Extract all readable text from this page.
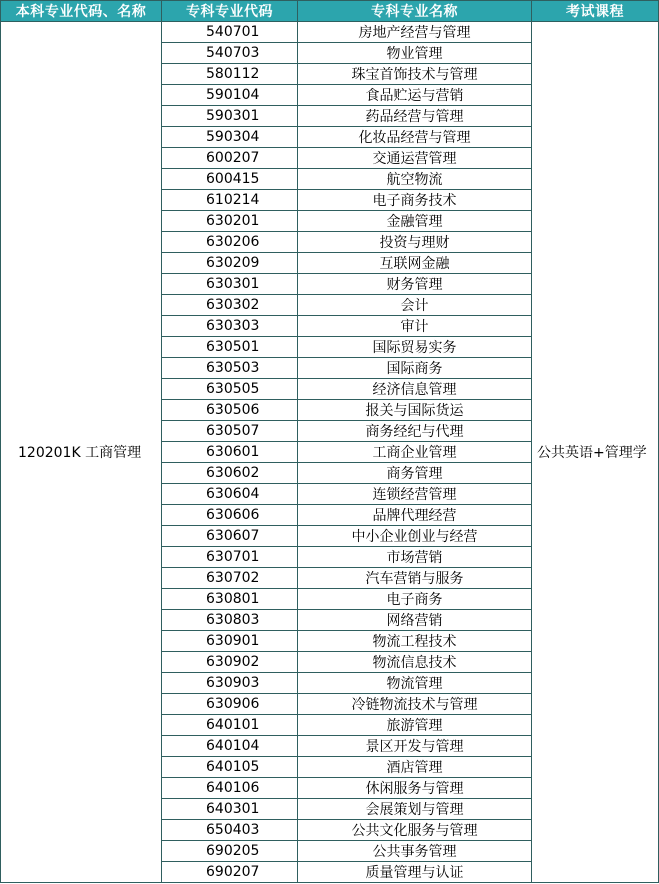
本科专业代码、名称	专科专业代码	专科专业名称	考试课程
120201K 工商管理	540701	房地产经营与管理	公共英语+管理学
	540703	物业管理	
	580112	珠宝首饰技术与管理	
	590104	食品贮运与营销	
	590301	药品经营与管理	
	590304	化妆品经营与管理	
	600207	交通运营管理	
	600415	航空物流	
	610214	电子商务技术	
	630201	金融管理	
	630206	投资与理财	
	630209	互联网金融	
	630301	财务管理	
	630302	会计	
	630303	审计	
	630501	国际贸易实务	
	630503	国际商务	
	630505	经济信息管理	
	630506	报关与国际货运	
	630507	商务经纪与代理	
	630601	工商企业管理	
	630602	商务管理	
	630604	连锁经营管理	
	630606	品牌代理经营	
	630607	中小企业创业与经营	
	630701	市场营销	
	630702	汽车营销与服务	
	630801	电子商务	
	630803	网络营销	
	630901	物流工程技术	
	630902	物流信息技术	
	630903	物流管理	
	630906	冷链物流技术与管理	
	640101	旅游管理	
	640104	景区开发与管理	
	640105	酒店管理	
	640106	休闲服务与管理	
	640301	会展策划与管理	
	650403	公共文化服务与管理	
	690205	公共事务管理	
	690207	质量管理与认证	
